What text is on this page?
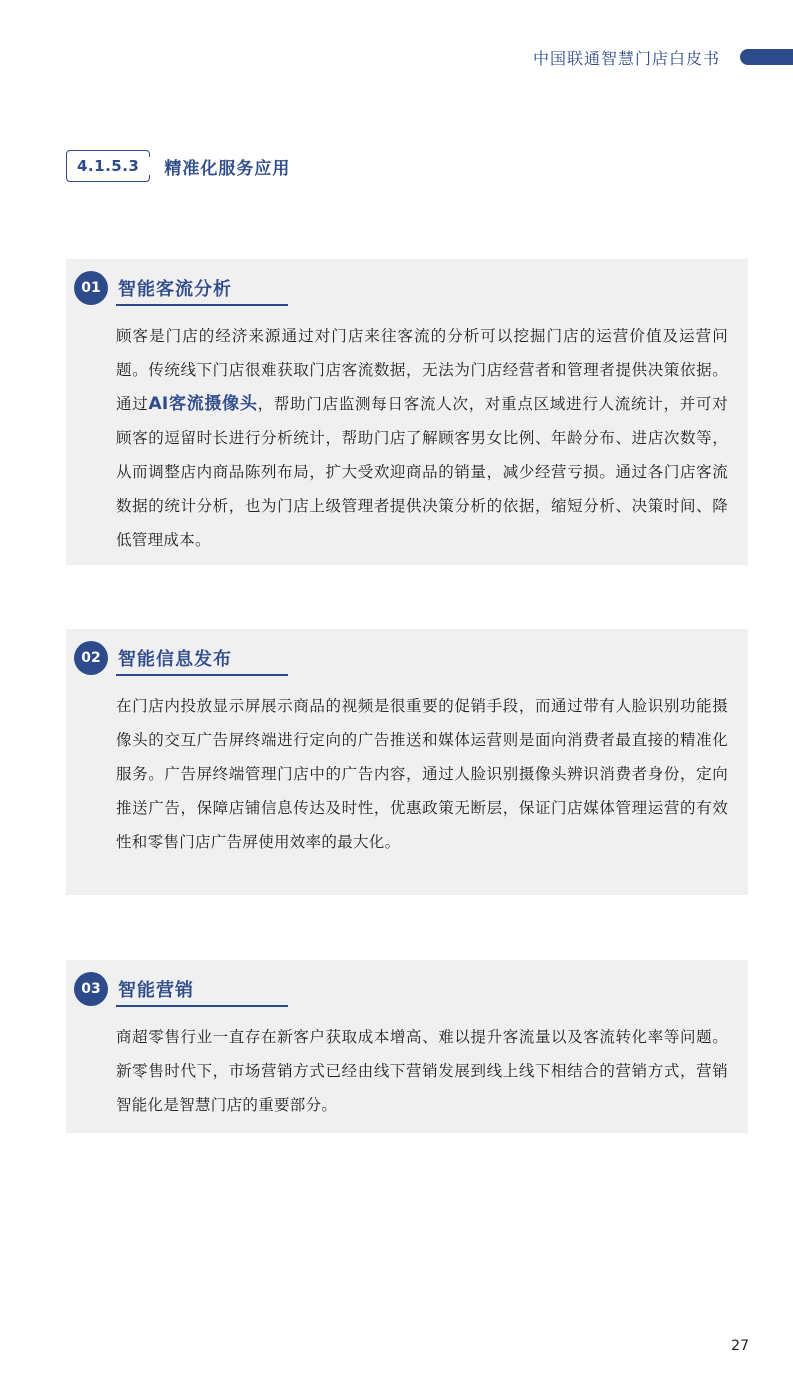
中国联通智慧门店白皮书
4.1.5.3	精准化服务应用
01 智能客流分析
顾客是门店的经济来源通过对门店来往客流的分析可以挖掘门店的运营价值及运营问题。传统线下门店很难获取门店客流数据，无法为门店经营者和管理者提供决策依据。通过AI客流摄像头，帮助门店监测每日客流人次，对重点区域进行人流统计，并可对顾客的逗留时长进行分析统计，帮助门店了解顾客男女比例、年龄分布、进店次数等，从而调整店内商品陈列布局，扩大受欢迎商品的销量，减少经营亏损。通过各门店客流数据的统计分析，也为门店上级管理者提供决策分析的依据，缩短分析、决策时间、降低管理成本。
02 智能信息发布
在门店内投放显示屏展示商品的视频是很重要的促销手段，而通过带有人脸识别功能摄像头的交互广告屏终端进行定向的广告推送和媒体运营则是面向消费者最直接的精准化服务。广告屏终端管理门店中的广告内容，通过人脸识别摄像头辨识消费者身份，定向推送广告，保障店铺信息传达及时性，优惠政策无断层，保证门店媒体管理运营的有效性和零售门店广告屏使用效率的最大化。
03 智能营销
商超零售行业一直存在新客户获取成本增高、难以提升客流量以及客流转化率等问题。新零售时代下，市场营销方式已经由线下营销发展到线上线下相结合的营销方式，营销智能化是智慧门店的重要部分。
27
